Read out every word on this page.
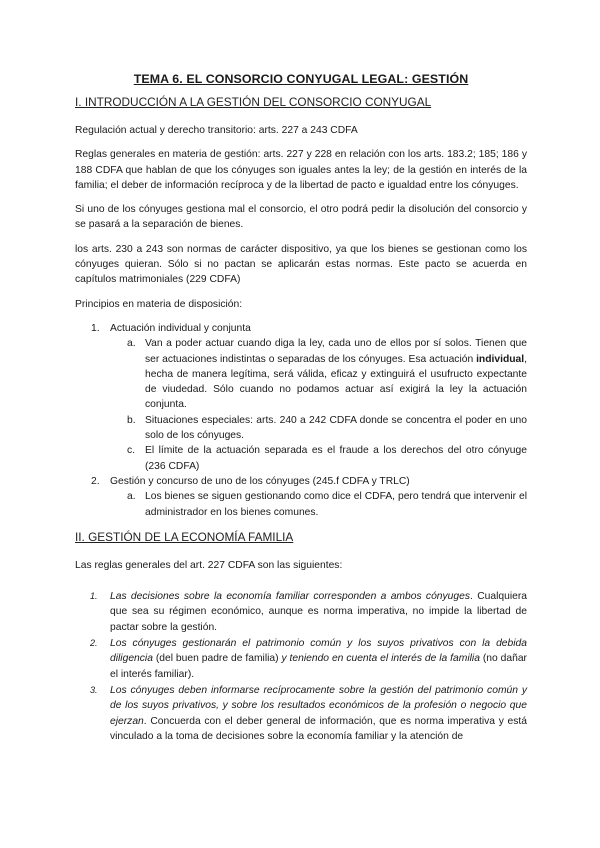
TEMA 6. EL CONSORCIO CONYUGAL LEGAL: GESTIÓN
I. INTRODUCCIÓN A LA GESTIÓN DEL CONSORCIO CONYUGAL

Regulación actual y derecho transitorio: arts. 227 a 243 CDFA

Reglas generales en materia de gestión: arts. 227 y 228 en relación con los arts. 183.2; 185; 186 y 188 CDFA que hablan de que los cónyuges son iguales antes la ley; de la gestión en interés de la familia; el deber de información recíproca y de la libertad de pacto e igualdad entre los cónyuges.

Si uno de los cónyuges gestiona mal el consorcio, el otro podrá pedir la disolución del consorcio y se pasará a la separación de bienes.

los arts. 230 a 243 son normas de carácter dispositivo, ya que los bienes se gestionan como los cónyuges quieran. Sólo si no pactan se aplicarán estas normas. Este pacto se acuerda en capítulos matrimoniales (229 CDFA)

Principios en materia de disposición:

1. Actuación individual y conjunta
a. Van a poder actuar cuando diga la ley, cada uno de ellos por sí solos. Tienen que ser actuaciones indistintas o separadas de los cónyuges. Esa actuación individual, hecha de manera legítima, será válida, eficaz y extinguirá el usufructo expectante de viudedad. Sólo cuando no podamos actuar así exigirá la ley la actuación conjunta.
b. Situaciones especiales: arts. 240 a 242 CDFA donde se concentra el poder en uno solo de los cónyuges.
c. El límite de la actuación separada es el fraude a los derechos del otro cónyuge (236 CDFA)
2. Gestión y concurso de uno de los cónyuges (245.f CDFA y TRLC)
a. Los bienes se siguen gestionando como dice el CDFA, pero tendrá que intervenir el administrador en los bienes comunes.
II. GESTIÓN DE LA ECONOMÍA FAMILIA

Las reglas generales del art. 227 CDFA son las siguientes:

1. Las decisiones sobre la economía familiar corresponden a ambos cónyuges. Cualquiera que sea su régimen económico, aunque es norma imperativa, no impide la libertad de pactar sobre la gestión.
2. Los cónyuges gestionarán el patrimonio común y los suyos privativos con la debida diligencia (del buen padre de familia) y teniendo en cuenta el interés de la familia (no dañar el interés familiar).
3. Los cónyuges deben informarse recíprocamente sobre la gestión del patrimonio común y de los suyos privativos, y sobre los resultados económicos de la profesión o negocio que ejerzan. Concuerda con el deber general de información, que es norma imperativa y está vinculado a la toma de decisiones sobre la economía familiar y la atención de
